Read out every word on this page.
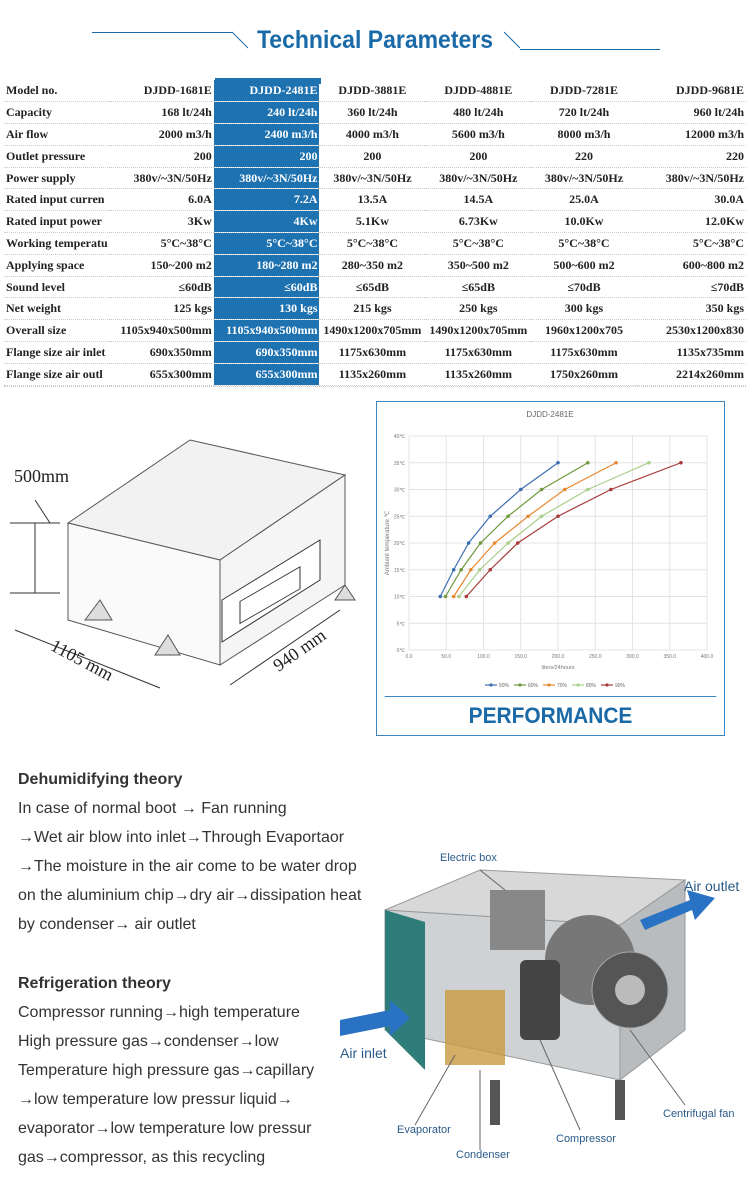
Technical Parameters
Model no.	DJDD-1681E	DJDD-2481E	DJDD-3881E	DJDD-4881E	DJDD-7281E	DJDD-9681E
Capacity	168 lt/24h	240 lt/24h	360 lt/24h	480 lt/24h	720 lt/24h	960 lt/24h
Air flow	2000 m3/h	2400 m3/h	4000 m3/h	5600 m3/h	8000 m3/h	12000 m3/h
Outlet pressure	200	200	200	200	220	220
Power supply	380v/~3N/50Hz	380v/~3N/50Hz	380v/~3N/50Hz	380v/~3N/50Hz	380v/~3N/50Hz	380v/~3N/50Hz
Rated input curren	6.0A	7.2A	13.5A	14.5A	25.0A	30.0A
Rated input power	3Kw	4Kw	5.1Kw	6.73Kw	10.0Kw	12.0Kw
Working temperatu	5°C~38°C	5°C~38°C	5°C~38°C	5°C~38°C	5°C~38°C	5°C~38°C
Applying space	150~200 m2	180~280 m2	280~350 m2	350~500 m2	500~600 m2	600~800 m2
Sound level	≤60dB	≤60dB	≤65dB	≤65dB	≤70dB	≤70dB
Net weight	125 kgs	130 kgs	215 kgs	250 kgs	300 kgs	350 kgs
Overall size	1105x940x500mm	1105x940x500mm	1490x1200x705mm	1490x1200x705mm	1960x1200x705	2530x1200x830
Flange size air inlet	690x350mm	690x350mm	1175x630mm	1175x630mm	1175x630mm	1135x735mm
Flange size air outl	655x300mm	655x300mm	1135x260mm	1135x260mm	1750x260mm	2214x260mm
500mm
1105 mm	940 mm
DJDD-2481E
0℃
5℃
10℃
15℃
20℃
25℃
30℃
35℃
40℃
0.0	50.0	100.0	150.0	200.0	250.0	300.0	350.0	400.0
liters/24hours
Ambient temperature ℃
50%	60%	70%	80%	90%
PERFORMANCE
Dehumidifying theory
In case of normal boot → Fan running
→Wet air blow into inlet→Through Evaportaor
→The moisture in the air come to be water drop
on the aluminium chip→dry air→dissipation heat
by condenser→ air outlet
Refrigeration theory
Compressor running→high temperature
High pressure gas→condenser→low
Temperature high pressure gas→capillary
→low temperature low pressur liquid→
evaporator→low temperature low pressur
gas→compressor, as this recycling
Electric box
Air outlet
Air inlet
Evaporator
Condenser
Compressor
Centrifugal fan
